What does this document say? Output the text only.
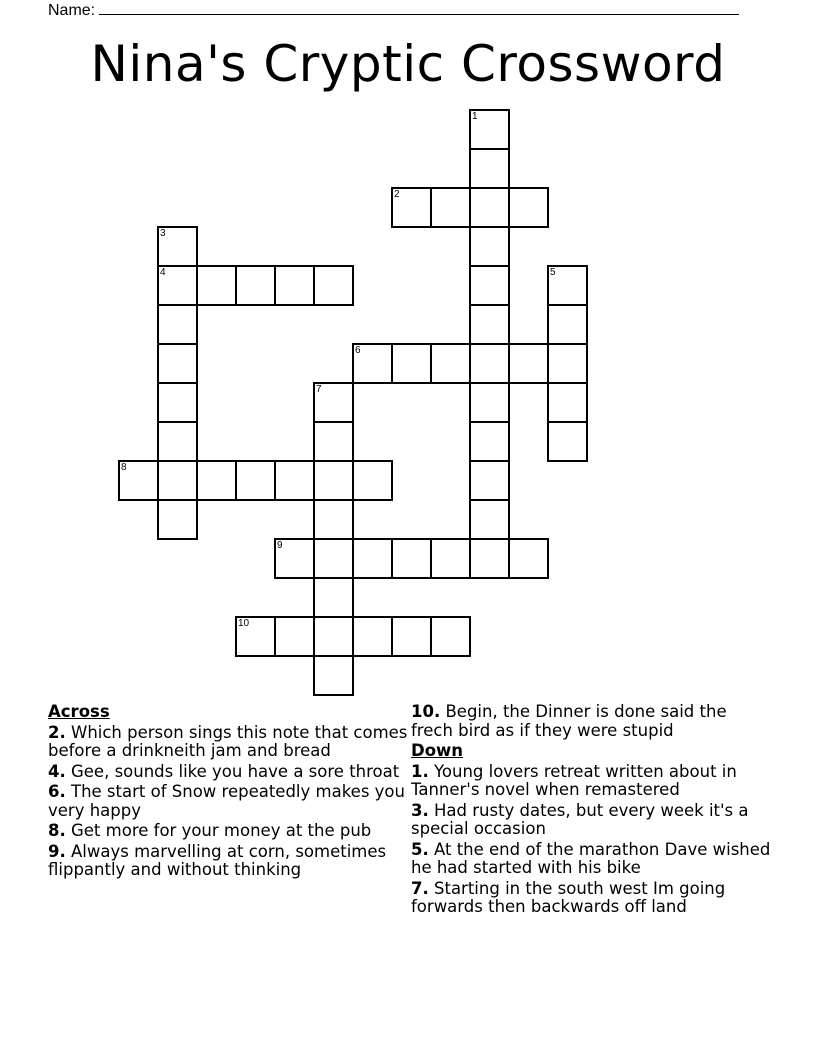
Name:
Nina's Cryptic Crossword
1
2
3
4	5
6
7
8
9
10
Across
2. Which person sings this note that comes before a drinkneith jam and bread
4. Gee, sounds like you have a sore throat
6. The start of Snow repeatedly makes you very happy
8. Get more for your money at the pub
9. Always marvelling at corn, sometimes flippantly and without thinking
10. Begin, the Dinner is done said the frech bird as if they were stupid
Down
1. Young lovers retreat written about in Tanner's novel when remastered
3. Had rusty dates, but every week it's a special occasion
5. At the end of the marathon Dave wished he had started with his bike
7. Starting in the south west Im going forwards then backwards off land
